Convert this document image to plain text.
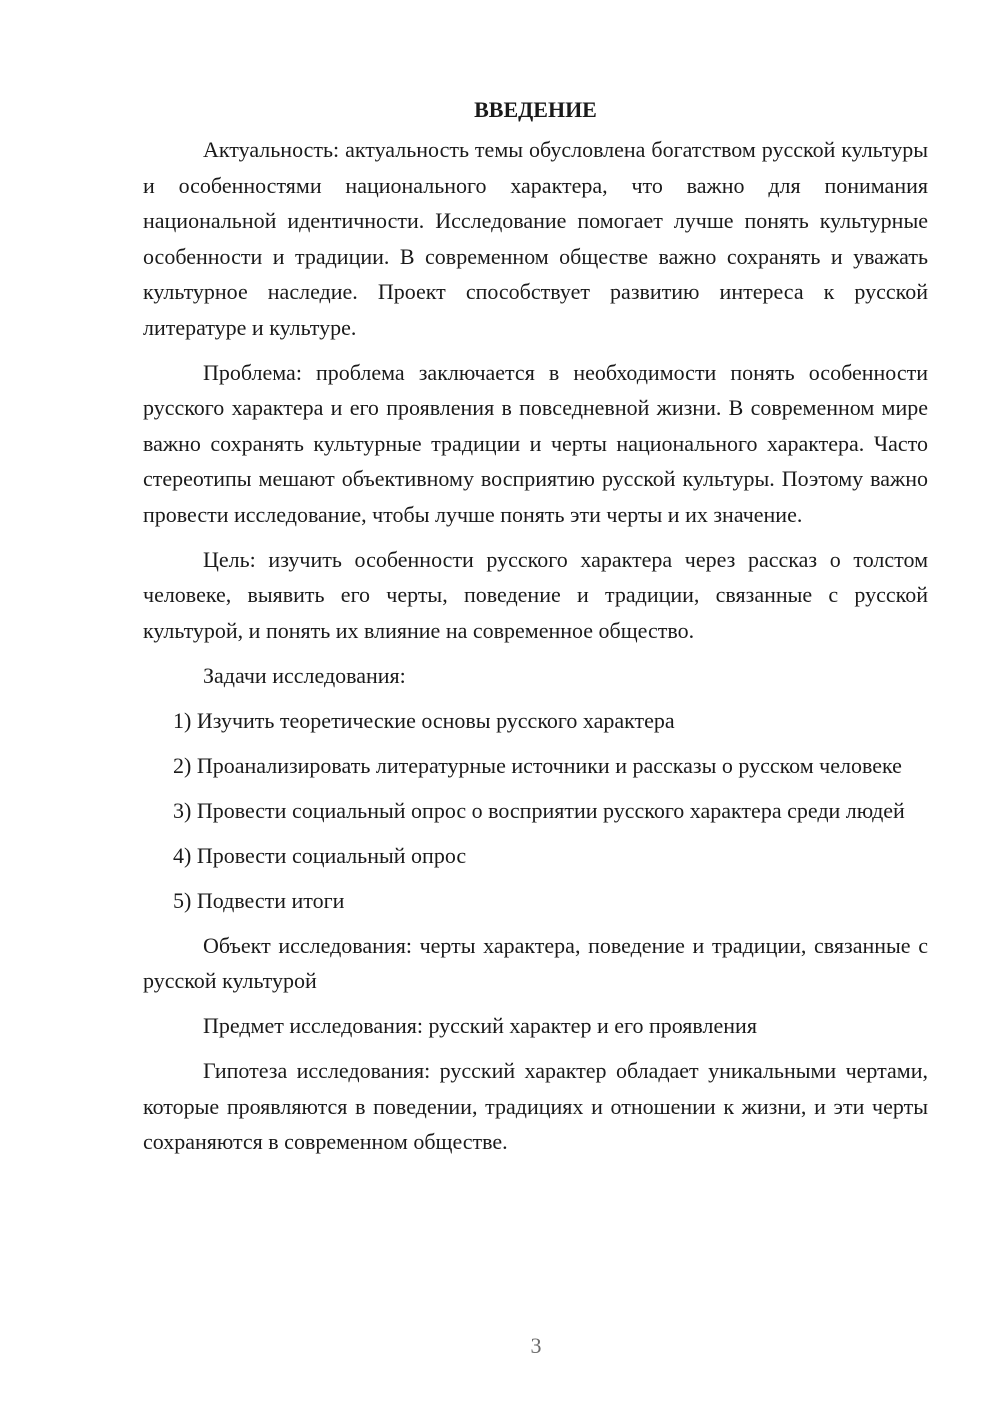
ВВЕДЕНИЕ

Актуальность: актуальность темы обусловлена богатством русской культуры и особенностями национального характера, что важно для понимания национальной идентичности. Исследование помогает лучше понять культурные особенности и традиции. В современном обществе важно сохранять и уважать культурное наследие. Проект способствует развитию интереса к русской литературе и культуре.

Проблема: проблема заключается в необходимости понять особенности русского характера и его проявления в повседневной жизни. В современном мире важно сохранять культурные традиции и черты национального характера. Часто стереотипы мешают объективному восприятию русской культуры. Поэтому важно провести исследование, чтобы лучше понять эти черты и их значение.

Цель: изучить особенности русского характера через рассказ о толстом человеке, выявить его черты, поведение и традиции, связанные с русской культурой, и понять их влияние на современное общество.

Задачи исследования:

1) Изучить теоретические основы русского характера

2) Проанализировать литературные источники и рассказы о русском человеке

3) Провести социальный опрос о восприятии русского характера среди людей

4) Провести социальный опрос

5) Подвести итоги

Объект исследования: черты характера, поведение и традиции, связанные с русской культурой

Предмет исследования: русский характер и его проявления

Гипотеза исследования: русский характер обладает уникальными чертами, которые проявляются в поведении, традициях и отношении к жизни, и эти черты сохраняются в современном обществе.

3
